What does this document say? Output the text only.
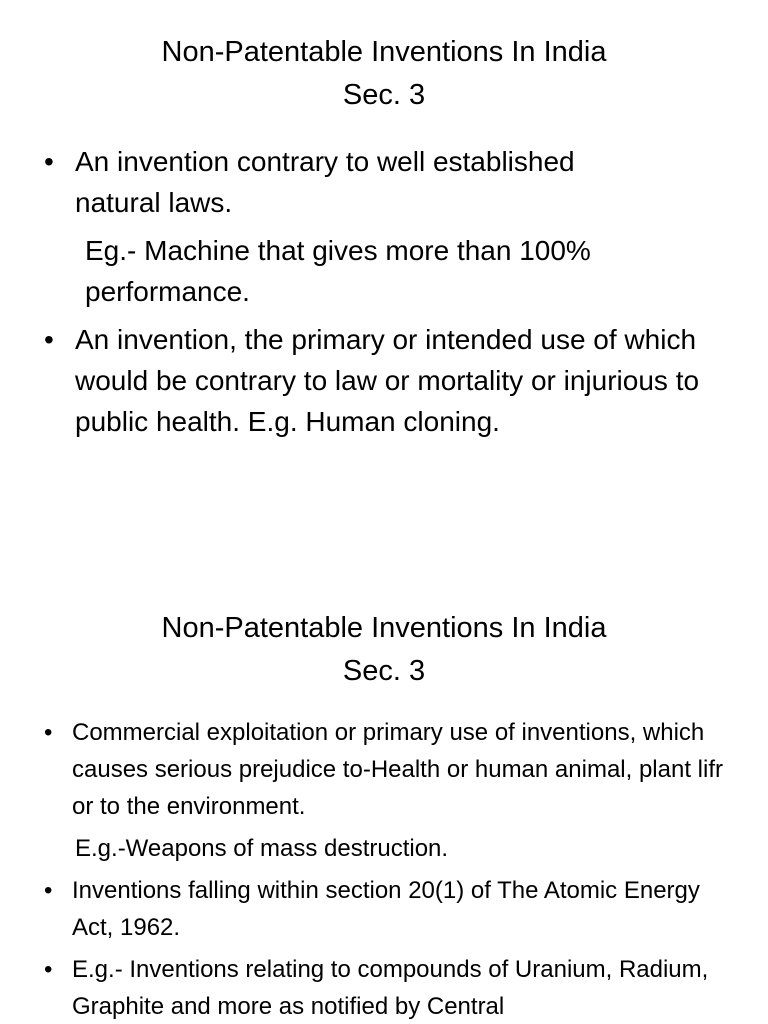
Non-Patentable Inventions In India
Sec. 3
• An invention contrary to well established natural laws.
Eg.- Machine that gives more than 100% performance.
• An invention, the primary or intended use of which would be contrary to law or mortality or injurious to public health. E.g. Human cloning.
Non-Patentable Inventions In India
Sec. 3
• Commercial exploitation or primary use of inventions, which causes serious prejudice to-Health or human animal, plant lifr or to the environment.
E.g.-Weapons of mass destruction.
• Inventions falling within section 20(1) of The Atomic Energy Act, 1962.
• E.g.- Inventions relating to compounds of Uranium, Radium, Graphite and more as notified by Central
